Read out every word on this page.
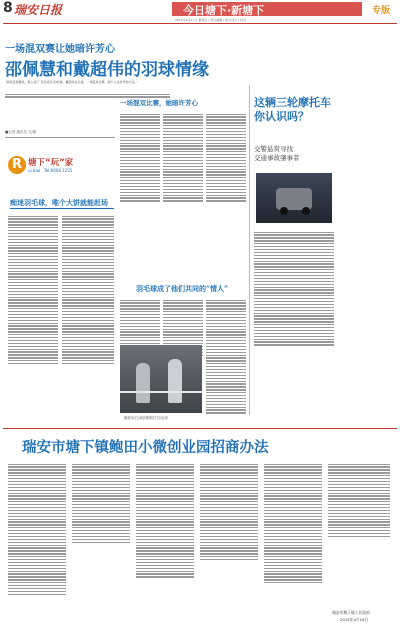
8 瑞安日报	今日塘下·新塘下	专版
2015年4月17日 星期五 | 责任编辑 | 版式设计 | 校对
一场混双赛让她暗许芳心
邵佩慧和戴超伟的羽球情缘
“到家后我要改，真人到了‘百家讲坛’的时候，戴超伟点头道，一场混双比赛，两个人从此开始交往。”
这辆三轮摩托车你认识吗？
交警悬赏寻找
交通事故肇事者
■记者 通讯员 文/图
R 塘下“玩”家
ui bao Tel:6608 1255
痴迷羽毛球，唯个大饼就能赶场
一场混双比赛，她暗许芳心
羽毛球成了他们共同的“情人”
戴超伟(右)和邵佩慧在打羽毛球
瑞安市塘下镇鲍田小微创业园招商办法
瑞安市塘下镇人民政府
2015年4月16日
